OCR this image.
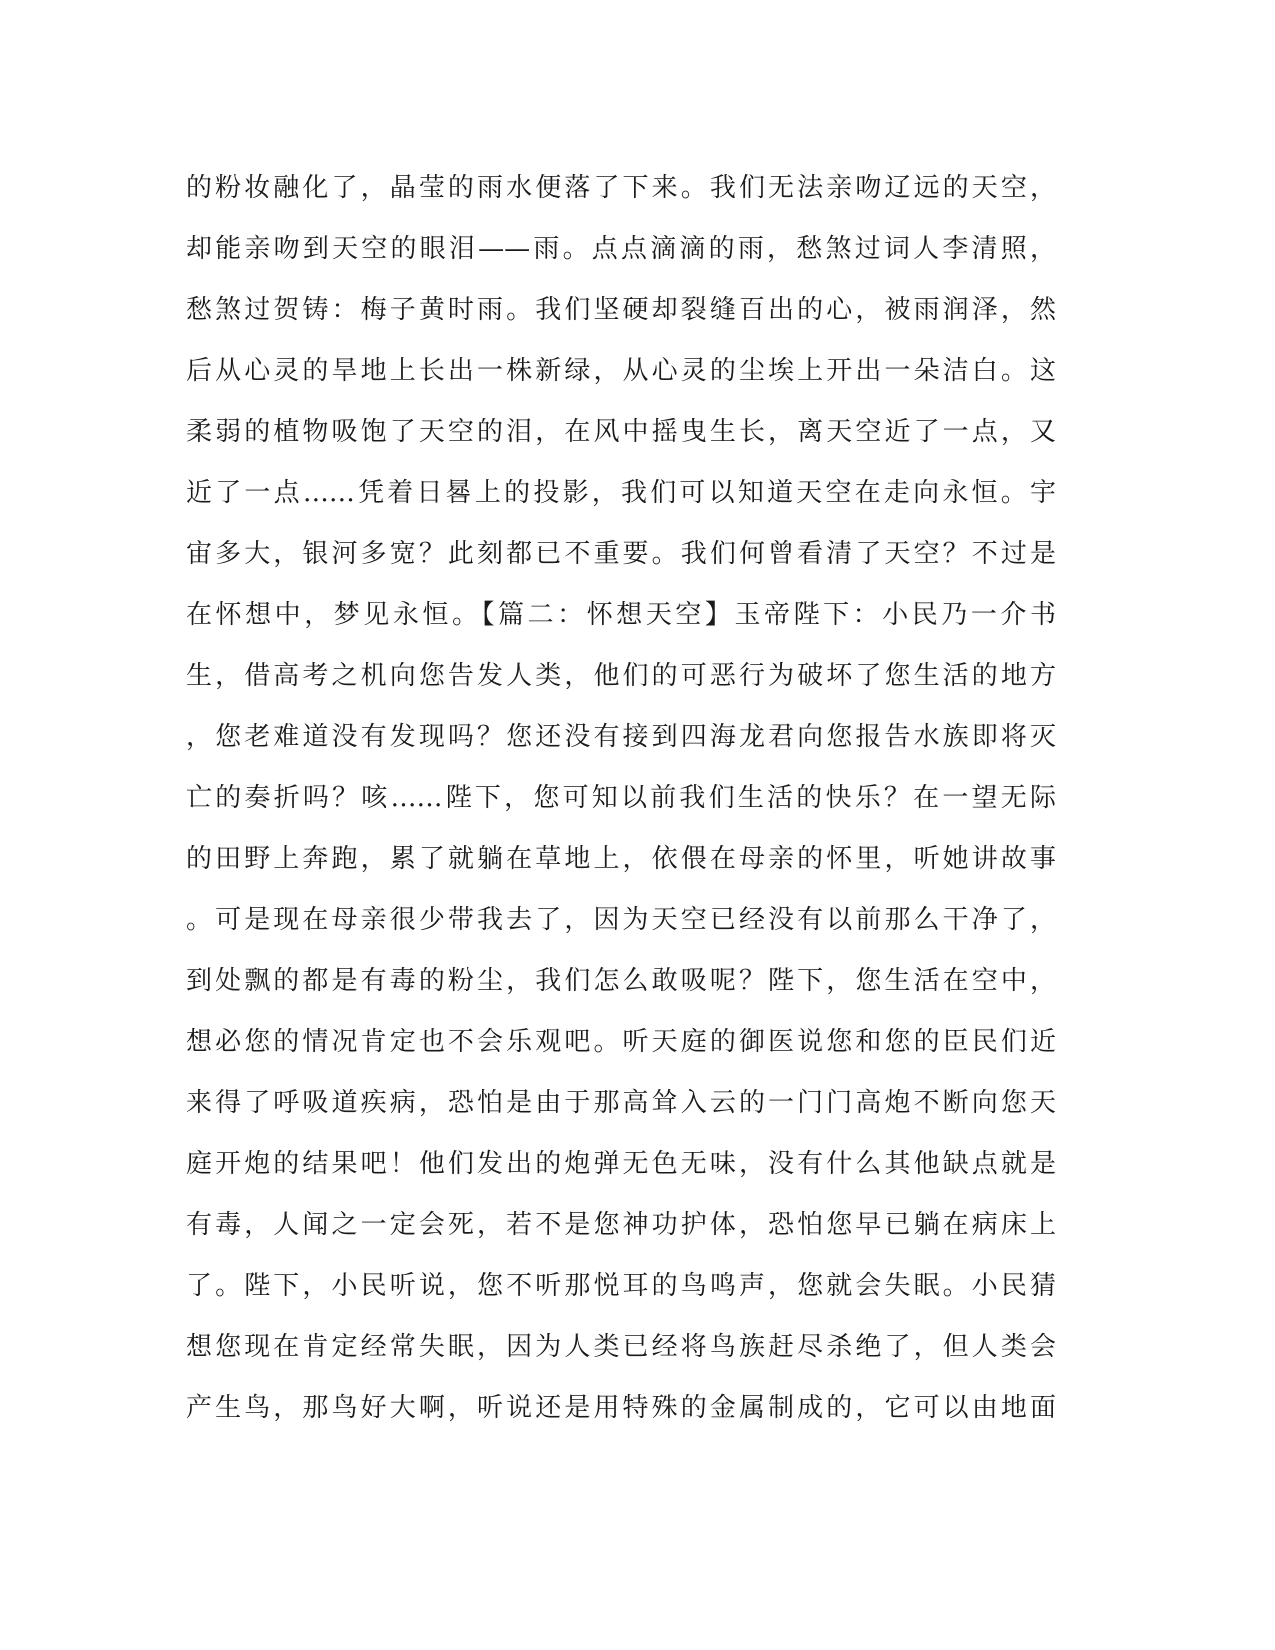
的粉妆融化了，晶莹的雨水便落了下来。我们无法亲吻辽远的天空，
却能亲吻到天空的眼泪——雨。点点滴滴的雨，愁煞过词人李清照，
愁煞过贺铸：梅子黄时雨。我们坚硬却裂缝百出的心，被雨润泽，然
后从心灵的旱地上长出一株新绿，从心灵的尘埃上开出一朵洁白。这
柔弱的植物吸饱了天空的泪，在风中摇曳生长，离天空近了一点，又
近了一点……凭着日晷上的投影，我们可以知道天空在走向永恒。宇
宙多大，银河多宽？此刻都已不重要。我们何曾看清了天空？不过是
在怀想中，梦见永恒。【篇二：怀想天空】玉帝陛下：小民乃一介书
生，借高考之机向您告发人类，他们的可恶行为破坏了您生活的地方
，您老难道没有发现吗？您还没有接到四海龙君向您报告水族即将灭
亡的奏折吗？咳……陛下，您可知以前我们生活的快乐？在一望无际
的田野上奔跑，累了就躺在草地上，依偎在母亲的怀里，听她讲故事
。可是现在母亲很少带我去了，因为天空已经没有以前那么干净了，
到处飘的都是有毒的粉尘，我们怎么敢吸呢？陛下，您生活在空中，
想必您的情况肯定也不会乐观吧。听天庭的御医说您和您的臣民们近
来得了呼吸道疾病，恐怕是由于那高耸入云的一门门高炮不断向您天
庭开炮的结果吧！他们发出的炮弹无色无味，没有什么其他缺点就是
有毒，人闻之一定会死，若不是您神功护体，恐怕您早已躺在病床上
了。陛下，小民听说，您不听那悦耳的鸟鸣声，您就会失眠。小民猜
想您现在肯定经常失眠，因为人类已经将鸟族赶尽杀绝了，但人类会
产生鸟，那鸟好大啊，听说还是用特殊的金属制成的，它可以由地面
